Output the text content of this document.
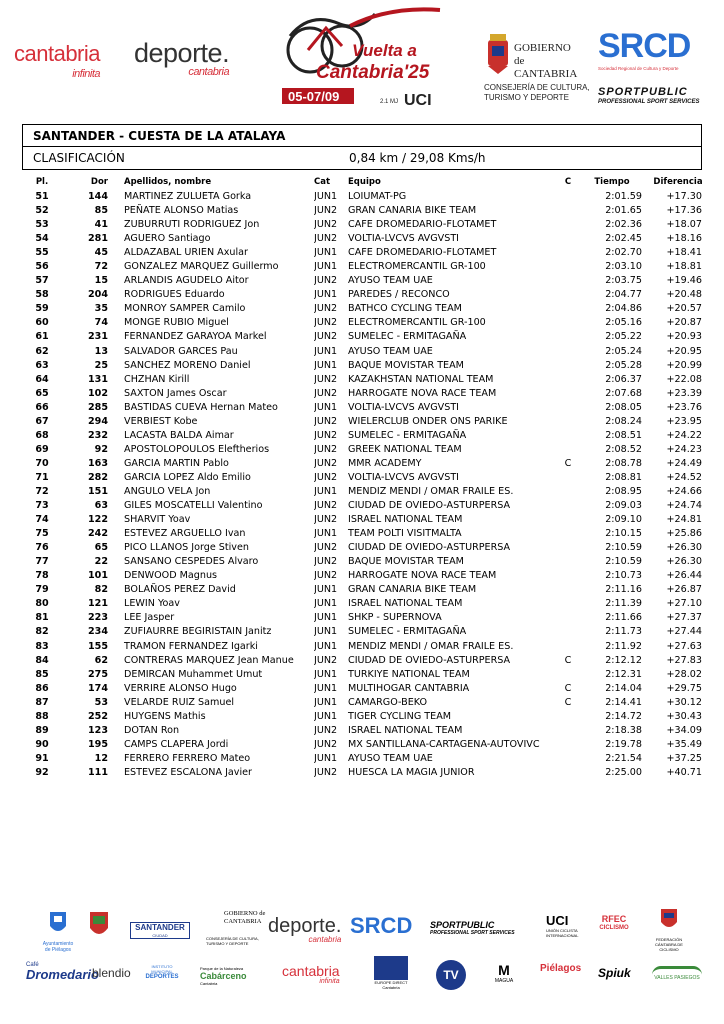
cantabria
infinita
deporte.
cantabria
Vuelta a
Cantabria'25
05-07/09	2.1 MJ UCI
GOBIERNO
de
CANTABRIA
CONSEJERÍA DE CULTURA,
TURISMO Y DEPORTE
SRCD
Sociedad Regional de Cultura y Deporte
SPORTPUBLIC
PROFESSIONAL SPORT SERVICES
SANTANDER - CUESTA DE LA ATALAYA
CLASIFICACIÓN	0,84 km / 29,08 Kms/h
Pl.	Dor	Apellidos, nombre	Cat	Equipo	C	Tiempo	Diferencia
51	144	MARTINEZ ZULUETA Gorka	JUN1	LOIUMAT-PG		2:01.59	+17.30
52	85	PEÑATE ALONSO Matias	JUN2	GRAN CANARIA BIKE TEAM		2:01.65	+17.36
53	41	ZUBURRUTI RODRIGUEZ Jon	JUN2	CAFE DROMEDARIO-FLOTAMET		2:02.36	+18.07
54	281	AGUERO Santiago	JUN2	VOLTIA-LVCVS AVGVSTI		2:02.45	+18.16
55	45	ALDAZABAL URIEN Axular	JUN1	CAFE DROMEDARIO-FLOTAMET		2:02.70	+18.41
56	72	GONZALEZ MARQUEZ Guillermo	JUN1	ELECTROMERCANTIL GR-100		2:03.10	+18.81
57	15	ARLANDIS AGUDELO Aitor	JUN2	AYUSO TEAM UAE		2:03.75	+19.46
58	204	RODRIGUES Eduardo	JUN1	PAREDES / RECONCO		2:04.77	+20.48
59	35	MONROY SAMPER Camilo	JUN2	BATHCO CYCLING TEAM		2:04.86	+20.57
60	74	MONGE RUBIO Miguel	JUN2	ELECTROMERCANTIL GR-100		2:05.16	+20.87
61	231	FERNANDEZ GARAYOA Markel	JUN2	SUMELEC - ERMITAGAÑA		2:05.22	+20.93
62	13	SALVADOR GARCES Pau	JUN1	AYUSO TEAM UAE		2:05.24	+20.95
63	25	SANCHEZ MORENO Daniel	JUN1	BAQUE MOVISTAR TEAM		2:05.28	+20.99
64	131	CHZHAN Kirill	JUN2	KAZAKHSTAN NATIONAL TEAM		2:06.37	+22.08
65	102	SAXTON James Oscar	JUN2	HARROGATE NOVA RACE TEAM		2:07.68	+23.39
66	285	BASTIDAS CUEVA Hernan Mateo	JUN1	VOLTIA-LVCVS AVGVSTI		2:08.05	+23.76
67	294	VERBIEST Kobe	JUN2	WIELERCLUB ONDER ONS PARIKE		2:08.24	+23.95
68	232	LACASTA BALDA Aimar	JUN2	SUMELEC - ERMITAGAÑA		2:08.51	+24.22
69	92	APOSTOLOPOULOS Eleftherios	JUN2	GREEK NATIONAL TEAM		2:08.52	+24.23
70	163	GARCIA MARTIN Pablo	JUN2	MMR ACADEMY	C	2:08.78	+24.49
71	282	GARCIA LOPEZ Aldo Emilio	JUN2	VOLTIA-LVCVS AVGVSTI		2:08.81	+24.52
72	151	ANGULO VELA Jon	JUN1	MENDIZ MENDI / OMAR FRAILE ES.		2:08.95	+24.66
73	63	GILES MOSCATELLI Valentino	JUN2	CIUDAD DE OVIEDO-ASTURPERSA		2:09.03	+24.74
74	122	SHARVIT Yoav	JUN2	ISRAEL NATIONAL TEAM		2:09.10	+24.81
75	242	ESTEVEZ ARGUELLO Ivan	JUN1	TEAM POLTI VISITMALTA		2:10.15	+25.86
76	65	PICO LLANOS Jorge Stiven	JUN2	CIUDAD DE OVIEDO-ASTURPERSA		2:10.59	+26.30
77	22	SANSANO CESPEDES Alvaro	JUN2	BAQUE MOVISTAR TEAM		2:10.59	+26.30
78	101	DENWOOD Magnus	JUN2	HARROGATE NOVA RACE TEAM		2:10.73	+26.44
79	82	BOLAÑOS PEREZ David	JUN1	GRAN CANARIA BIKE TEAM		2:11.16	+26.87
80	121	LEWIN Yoav	JUN1	ISRAEL NATIONAL TEAM		2:11.39	+27.10
81	223	LEE Jasper	JUN1	SHKP - SUPERNOVA		2:11.66	+27.37
82	234	ZUFIAURRE BEGIRISTAIN Janitz	JUN1	SUMELEC - ERMITAGAÑA		2:11.73	+27.44
83	155	TRAMON FERNANDEZ Igarki	JUN1	MENDIZ MENDI / OMAR FRAILE ES.		2:11.92	+27.63
84	62	CONTRERAS MARQUEZ Jean Manue	JUN2	CIUDAD DE OVIEDO-ASTURPERSA	C	2:12.12	+27.83
85	275	DEMIRCAN Muhammet Umut	JUN1	TURKIYE NATIONAL TEAM		2:12.31	+28.02
86	174	VERRIRE ALONSO Hugo	JUN1	MULTIHOGAR CANTABRIA	C	2:14.04	+29.75
87	53	VELARDE RUIZ Samuel	JUN1	CAMARGO-BEKO	C	2:14.41	+30.12
88	252	HUYGENS Mathis	JUN1	TIGER CYCLING TEAM		2:14.72	+30.43
89	123	DOTAN Ron	JUN2	ISRAEL NATIONAL TEAM		2:18.38	+34.09
90	195	CAMPS CLAPERA Jordi	JUN2	MX SANTILLANA-CARTAGENA-AUTOVIVC		2:19.78	+35.49
91	12	FERRERO FERRERO Mateo	JUN1	AYUSO TEAM UAE		2:21.54	+37.25
92	111	ESTEVEZ ESCALONA Javier	JUN2	HUESCA LA MAGIA JUNIOR		2:25.00	+40.71
Ayuntamiento de Piélagos
SANTANDER
CIUDAD
GOBIERNO de CANTABRIA
CONSEJERÍA DE CULTURA, TURISMO Y DEPORTE
deporte.
cantabria
SRCD SPORTPUBLIC
PROFESSIONAL SPORT SERVICES
UCI
UNIÓN CICLISTA INTERNACIONAL
RFEC
CICLISMO
FEDERACIÓN CÁNTABRA DE CICLISMO
Café
Dromedario
blendio	INSTITUTO MUNICIPAL
DEPORTES
Parque de la Naturaleza
Cabárceno
Cantabria
cantabria
infinita	EUROPE DIRECT
Cantabria
TV	M
MAGUA
Piélagos Spiuk	VALLES PASIEGOS
